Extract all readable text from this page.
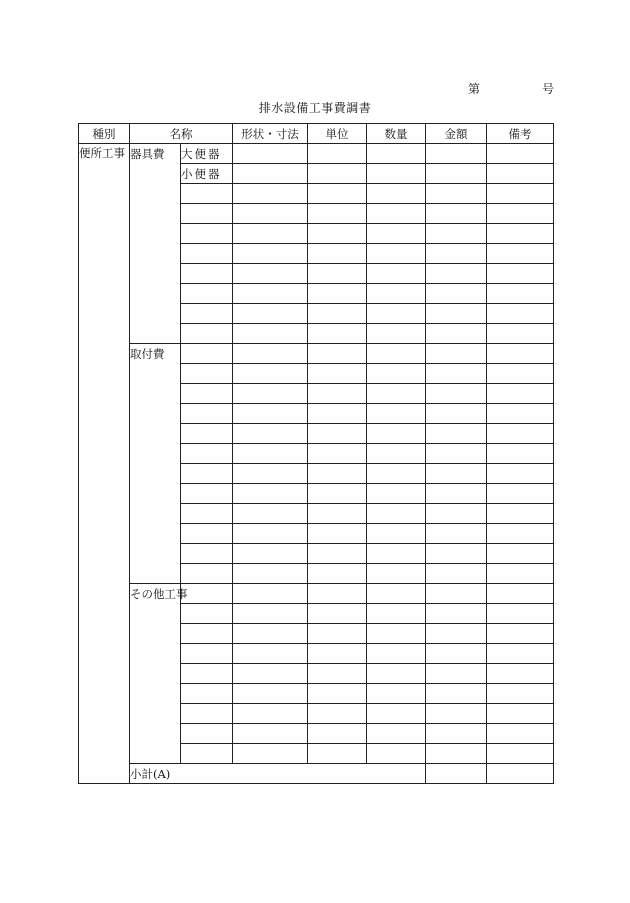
第	号
排水設備工事費調書
種別	名称		形状・寸法	単位	数量	金額	備考
便所工事	器具費	大便器					
		小便器					

	取付費						

	その他工事						

	小計(A)						
